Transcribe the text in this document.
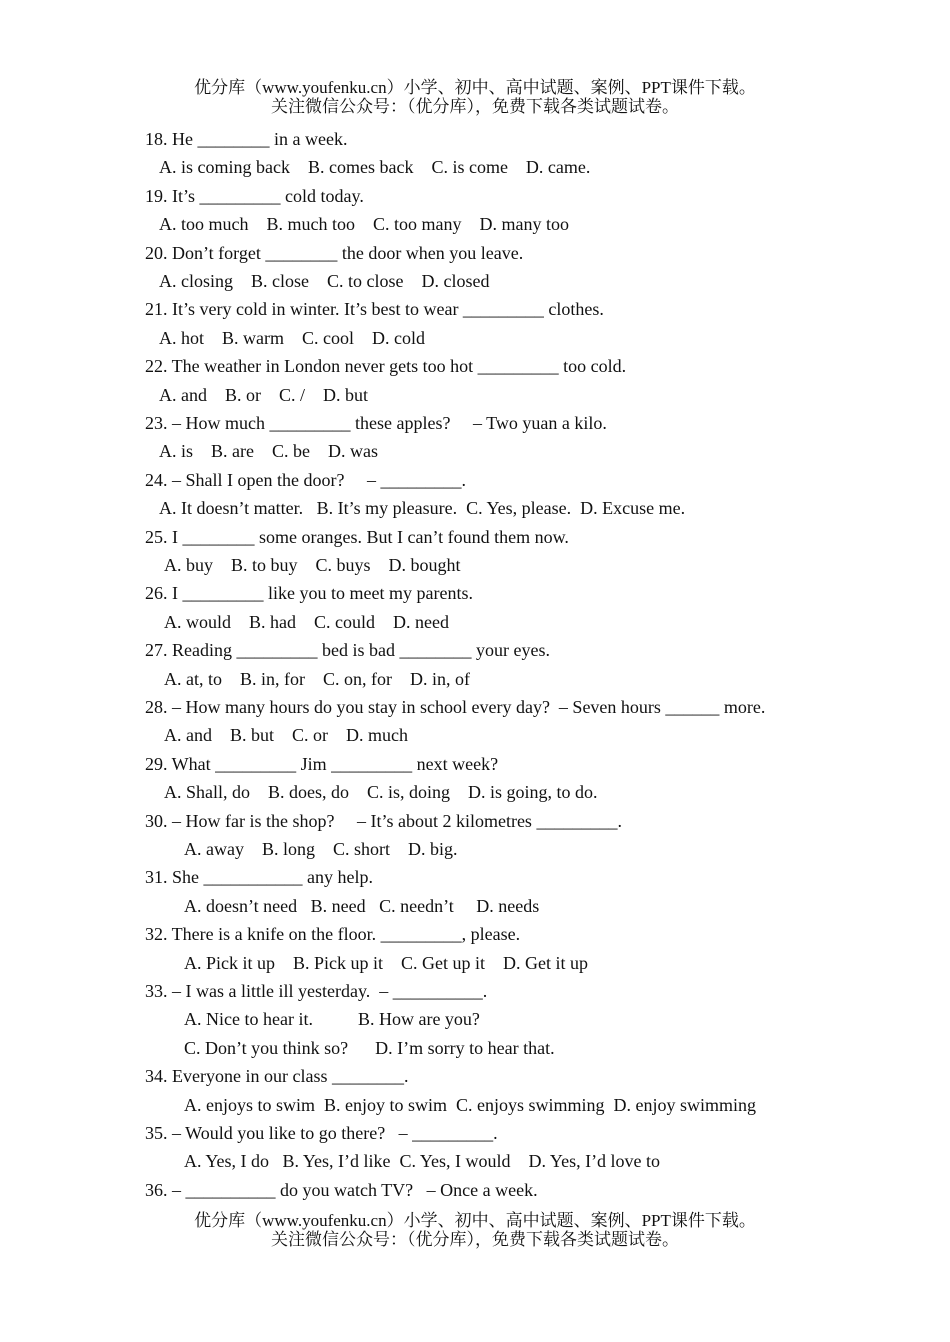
优分库（www.youfenku.cn）小学、初中、高中试题、案例、PPT课件下载。
关注微信公众号：（优分库），免费下载各类试题试卷。
18. He ________ in a week.
A. is coming back    B. comes back    C. is come    D. came.
19. It’s _________ cold today.
A. too much    B. much too    C. too many    D. many too
20. Don’t forget ________ the door when you leave.
A. closing    B. close    C. to close    D. closed
21. It’s very cold in winter. It’s best to wear _________ clothes.
A. hot    B. warm    C. cool    D. cold
22. The weather in London never gets too hot _________ too cold.
A. and    B. or    C. /    D. but
23. – How much _________ these apples?     – Two yuan a kilo.
A. is    B. are    C. be    D. was
24. – Shall I open the door?     – _________.
A. It doesn’t matter.   B. It’s my pleasure.  C. Yes, please.  D. Excuse me.
25. I ________ some oranges. But I can’t found them now.
A. buy    B. to buy    C. buys    D. bought
26. I _________ like you to meet my parents.
A. would    B. had    C. could    D. need
27. Reading _________ bed is bad ________ your eyes.
A. at, to    B. in, for    C. on, for    D. in, of
28. – How many hours do you stay in school every day?  – Seven hours ______ more.
A. and    B. but    C. or    D. much
29. What _________ Jim _________ next week?
A. Shall, do    B. does, do    C. is, doing    D. is going, to do.
30. – How far is the shop?     – It’s about 2 kilometres _________.
A. away    B. long    C. short    D. big.
31. She ___________ any help.
A. doesn’t need   B. need   C. needn’t     D. needs
32. There is a knife on the floor. _________, please.
A. Pick it up    B. Pick up it    C. Get up it    D. Get it up
33. – I was a little ill yesterday.  – __________.
A. Nice to hear it.          B. How are you?
C. Don’t you think so?      D. I’m sorry to hear that.
34. Everyone in our class ________.
A. enjoys to swim  B. enjoy to swim  C. enjoys swimming  D. enjoy swimming
35. – Would you like to go there?   – _________.
A. Yes, I do   B. Yes, I’d like  C. Yes, I would    D. Yes, I’d love to
36. – __________ do you watch TV?   – Once a week.
优分库（www.youfenku.cn）小学、初中、高中试题、案例、PPT课件下载。
关注微信公众号：（优分库），免费下载各类试题试卷。
